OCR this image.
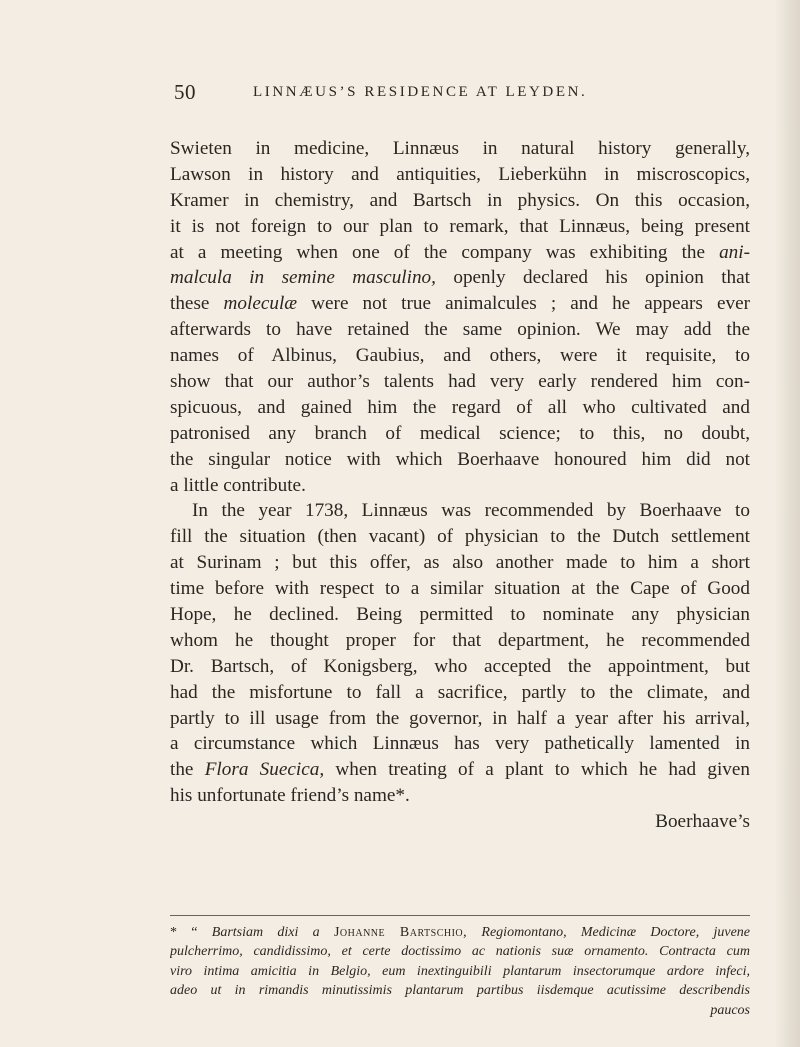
50	LINNÆUS’S RESIDENCE AT LEYDEN.
Swieten in medicine, Linnæus in natural history generally,
Lawson in history and antiquities, Lieberkühn in miscroscopics,
Kramer in chemistry, and Bartsch in physics. On this occasion,
it is not foreign to our plan to remark, that Linnæus, being present
at a meeting when one of the company was exhibiting the ani-
malcula in semine masculino, openly declared his opinion that
these moleculæ were not true animalcules ; and he appears ever
afterwards to have retained the same opinion. We may add the
names of Albinus, Gaubius, and others, were it requisite, to
show that our author’s talents had very early rendered him con-
spicuous, and gained him the regard of all who cultivated and
patronised any branch of medical science; to this, no doubt,
the singular notice with which Boerhaave honoured him did not
a little contribute.
In the year 1738, Linnæus was recommended by Boerhaave to
fill the situation (then vacant) of physician to the Dutch settlement
at Surinam ; but this offer, as also another made to him a short
time before with respect to a similar situation at the Cape of Good
Hope, he declined. Being permitted to nominate any physician
whom he thought proper for that department, he recommended
Dr. Bartsch, of Konigsberg, who accepted the appointment, but
had the misfortune to fall a sacrifice, partly to the climate, and
partly to ill usage from the governor, in half a year after his arrival,
a circumstance which Linnæus has very pathetically lamented in
the Flora Suecica, when treating of a plant to which he had given
his unfortunate friend’s name*.
Boerhaave’s
* “ Bartsiam dixi a Johanne Bartschio, Regiomontano, Medicinæ Doctore, juvene
pulcherrimo, candidissimo, et certe doctissimo ac nationis suæ ornamento. Contracta cum
viro intima amicitia in Belgio, eum inextinguibili plantarum insectorumque ardore infeci,
adeo ut in rimandis minutissimis plantarum partibus iisdemque acutissime describendis
paucos
